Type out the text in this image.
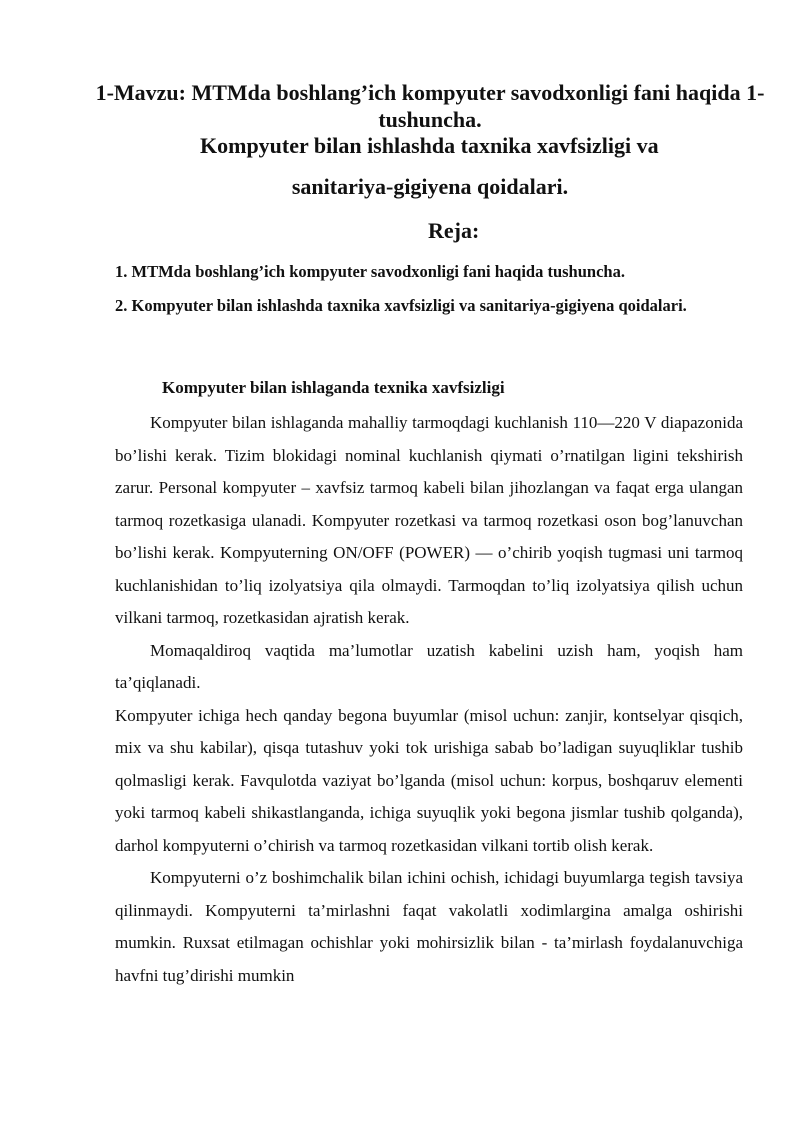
1-Mavzu: MTMda boshlang’ich kompyuter savodxonligi fani haqida 1-tushuncha.
Kompyuter bilan ishlashda taxnika xavfsizligi va
sanitariya-gigiyena qoidalari.
Reja:

1. MTMda boshlang’ich kompyuter savodxonligi fani haqida tushuncha.

2. Kompyuter bilan ishlashda taxnika xavfsizligi va sanitariya-gigiyena qoidalari.

Kompyuter bilan ishlaganda texnika xavfsizligi

Kompyuter bilan ishlaganda mahalliy tarmoqdagi kuchlanish 110—220 V diapazonida bo’lishi kerak. Tizim blokidagi nominal kuchlanish qiymati o’rnatilgan ligini tekshirish zarur. Personal kompyuter – xavfsiz tarmoq kabeli bilan jihozlangan va faqat erga ulangan tarmoq rozetkasiga ulanadi. Kompyuter rozetkasi va tarmoq rozetkasi oson bog’lanuvchan bo’lishi kerak. Kompyuterning ON/OFF (POWER) — o’chirib yoqish tugmasi uni tarmoq kuchlanishidan to’liq izolyatsiya qila olmaydi. Tarmoqdan to’liq izolyatsiya qilish uchun vilkani tarmoq, rozetkasidan ajratish kerak.

Momaqaldiroq vaqtida ma’lumotlar uzatish kabelini uzish ham, yoqish ham ta’qiqlanadi.

Kompyuter ichiga hech qanday begona buyumlar (misol uchun: zanjir, kontselyar qisqich, mix va shu kabilar), qisqa tutashuv yoki tok urishiga sabab bo’ladigan suyuqliklar tushib qolmasligi kerak. Favqulotda vaziyat bo’lganda (misol uchun: korpus, boshqaruv elementi yoki tarmoq kabeli shikastlanganda, ichiga suyuqlik yoki begona jismlar tushib qolganda), darhol kompyuterni o’chirish va tarmoq rozetkasidan vilkani tortib olish kerak.

Kompyuterni o’z boshimchalik bilan ichini ochish, ichidagi buyumlarga tegish tavsiya qilinmaydi. Kompyuterni ta’mirlashni faqat vakolatli xodimlargina amalga oshirishi mumkin. Ruxsat etilmagan ochishlar yoki mohirsizlik bilan - ta’mirlash foydalanuvchiga havfni tug’dirishi mumkin
